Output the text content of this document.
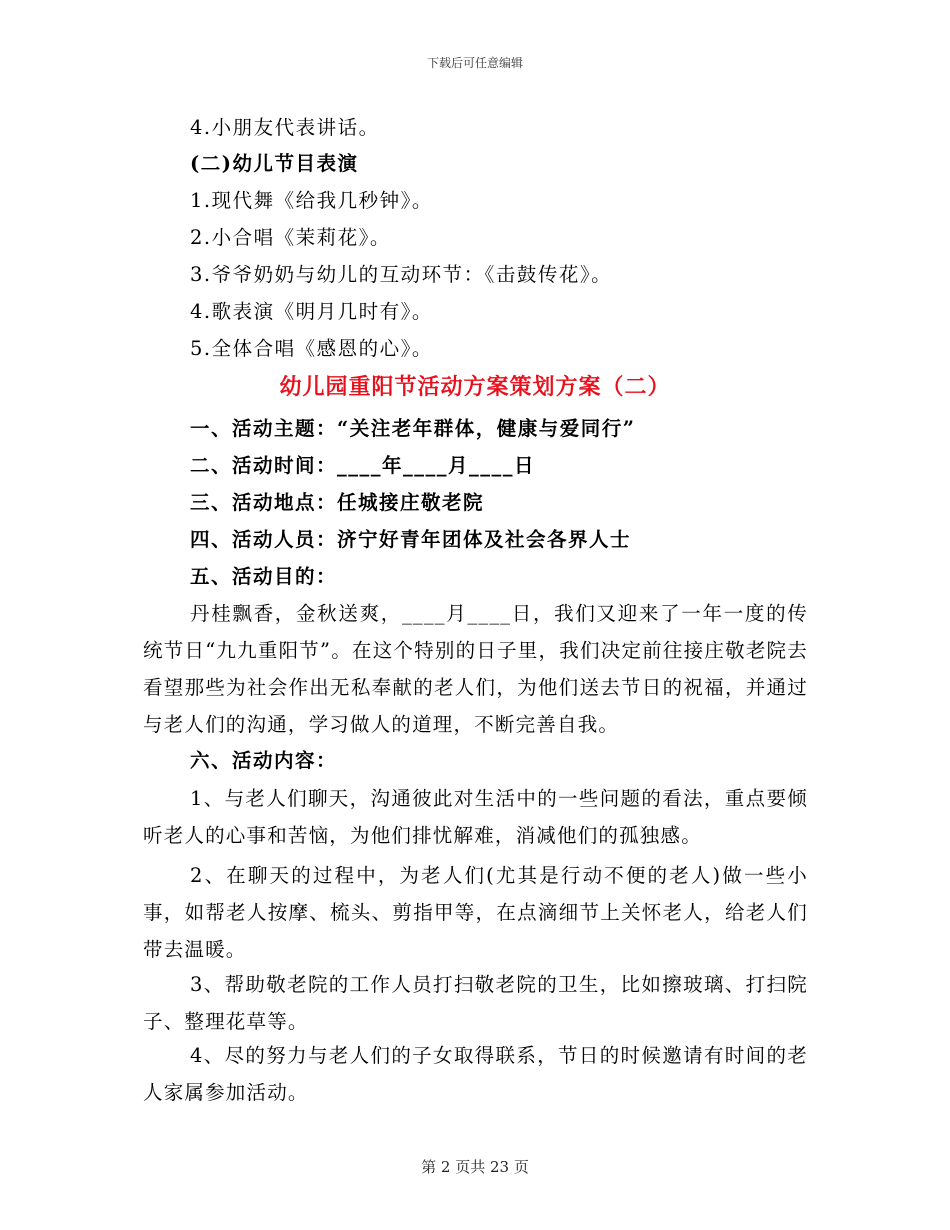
下载后可任意编辑
4.小朋友代表讲话。
(二)幼儿节目表演
1.现代舞《给我几秒钟》。
2.小合唱《茉莉花》。
3.爷爷奶奶与幼儿的互动环节：《击鼓传花》。
4.歌表演《明月几时有》。
5.全体合唱《感恩的心》。
幼儿园重阳节活动方案策划方案（二）
一、活动主题：“关注老年群体，健康与爱同行”
二、活动时间：____年____月____日
三、活动地点：任城接庄敬老院
四、活动人员：济宁好青年团体及社会各界人士
五、活动目的：
丹桂飘香，金秋送爽，____月____日，我们又迎来了一年一度的传统节日“九九重阳节”。在这个特别的日子里，我们决定前往接庄敬老院去看望那些为社会作出无私奉献的老人们，为他们送去节日的祝福，并通过与老人们的沟通，学习做人的道理，不断完善自我。
六、活动内容：
1、与老人们聊天，沟通彼此对生活中的一些问题的看法，重点要倾听老人的心事和苦恼，为他们排忧解难，消减他们的孤独感。
2、在聊天的过程中，为老人们(尤其是行动不便的老人)做一些小事，如帮老人按摩、梳头、剪指甲等，在点滴细节上关怀老人，给老人们带去温暖。
3、帮助敬老院的工作人员打扫敬老院的卫生，比如擦玻璃、打扫院子、整理花草等。
4、尽的努力与老人们的子女取得联系，节日的时候邀请有时间的老人家属参加活动。
第 2 页共 23 页
